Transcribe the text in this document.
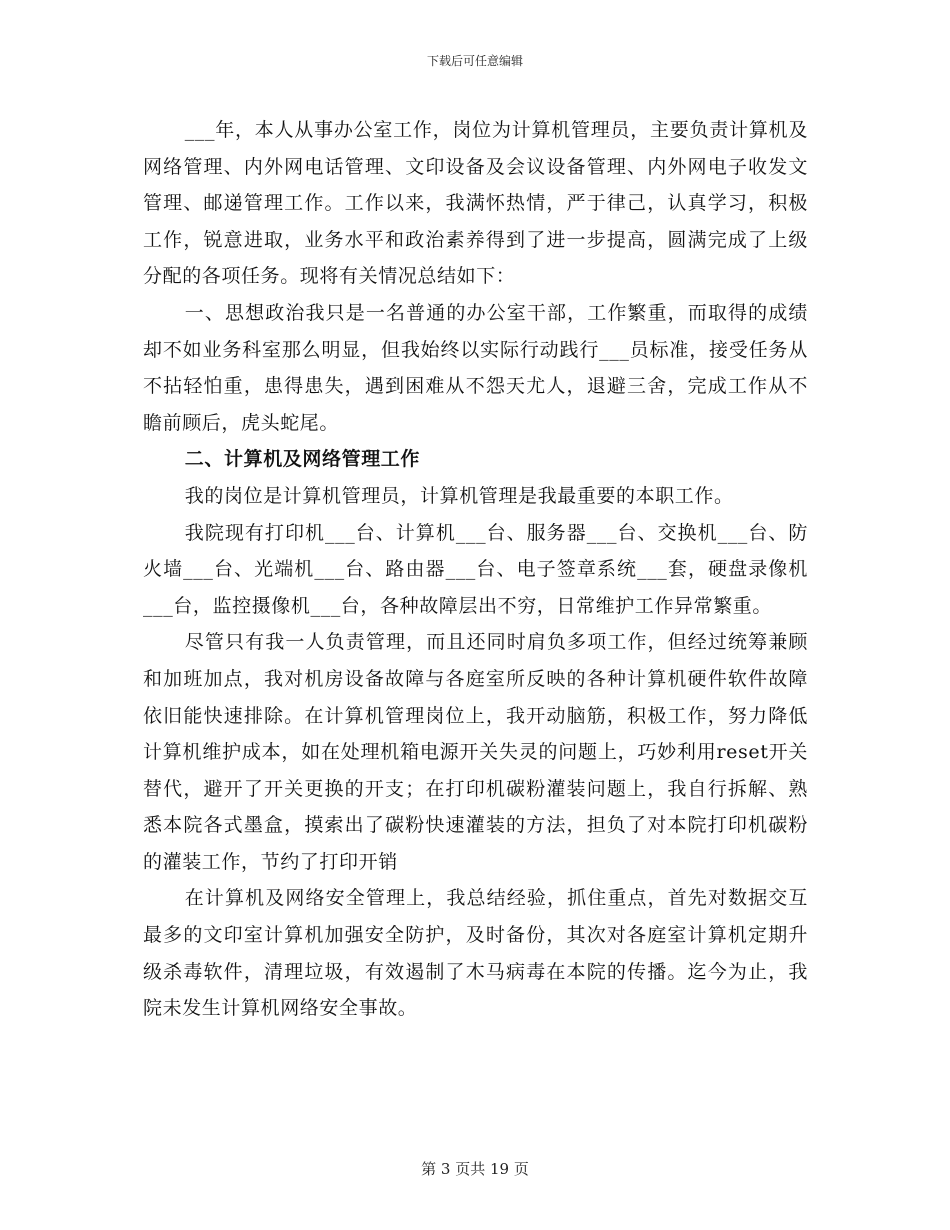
下载后可任意编辑

___年，本人从事办公室工作，岗位为计算机管理员，主要负责计算机及网络管理、内外网电话管理、文印设备及会议设备管理、内外网电子收发文管理、邮递管理工作。工作以来，我满怀热情，严于律己，认真学习，积极工作，锐意进取，业务水平和政治素养得到了进一步提高，圆满完成了上级分配的各项任务。现将有关情况总结如下：

一、思想政治我只是一名普通的办公室干部，工作繁重，而取得的成绩却不如业务科室那么明显，但我始终以实际行动践行___员标准，接受任务从不拈轻怕重，患得患失，遇到困难从不怨天尤人，退避三舍，完成工作从不瞻前顾后，虎头蛇尾。

二、计算机及网络管理工作

我的岗位是计算机管理员，计算机管理是我最重要的本职工作。

我院现有打印机___台、计算机___台、服务器___台、交换机___台、防火墙___台、光端机___台、路由器___台、电子签章系统___套，硬盘录像机___台，监控摄像机___台，各种故障层出不穷，日常维护工作异常繁重。

尽管只有我一人负责管理，而且还同时肩负多项工作，但经过统筹兼顾和加班加点，我对机房设备故障与各庭室所反映的各种计算机硬件软件故障依旧能快速排除。在计算机管理岗位上，我开动脑筋，积极工作，努力降低计算机维护成本，如在处理机箱电源开关失灵的问题上，巧妙利用reset开关替代，避开了开关更换的开支；在打印机碳粉灌装问题上，我自行拆解、熟悉本院各式墨盒，摸索出了碳粉快速灌装的方法，担负了对本院打印机碳粉的灌装工作，节约了打印开销

在计算机及网络安全管理上，我总结经验，抓住重点，首先对数据交互最多的文印室计算机加强安全防护，及时备份，其次对各庭室计算机定期升级杀毒软件，清理垃圾，有效遏制了木马病毒在本院的传播。迄今为止，我院未发生计算机网络安全事故。

第 3 页共 19 页
